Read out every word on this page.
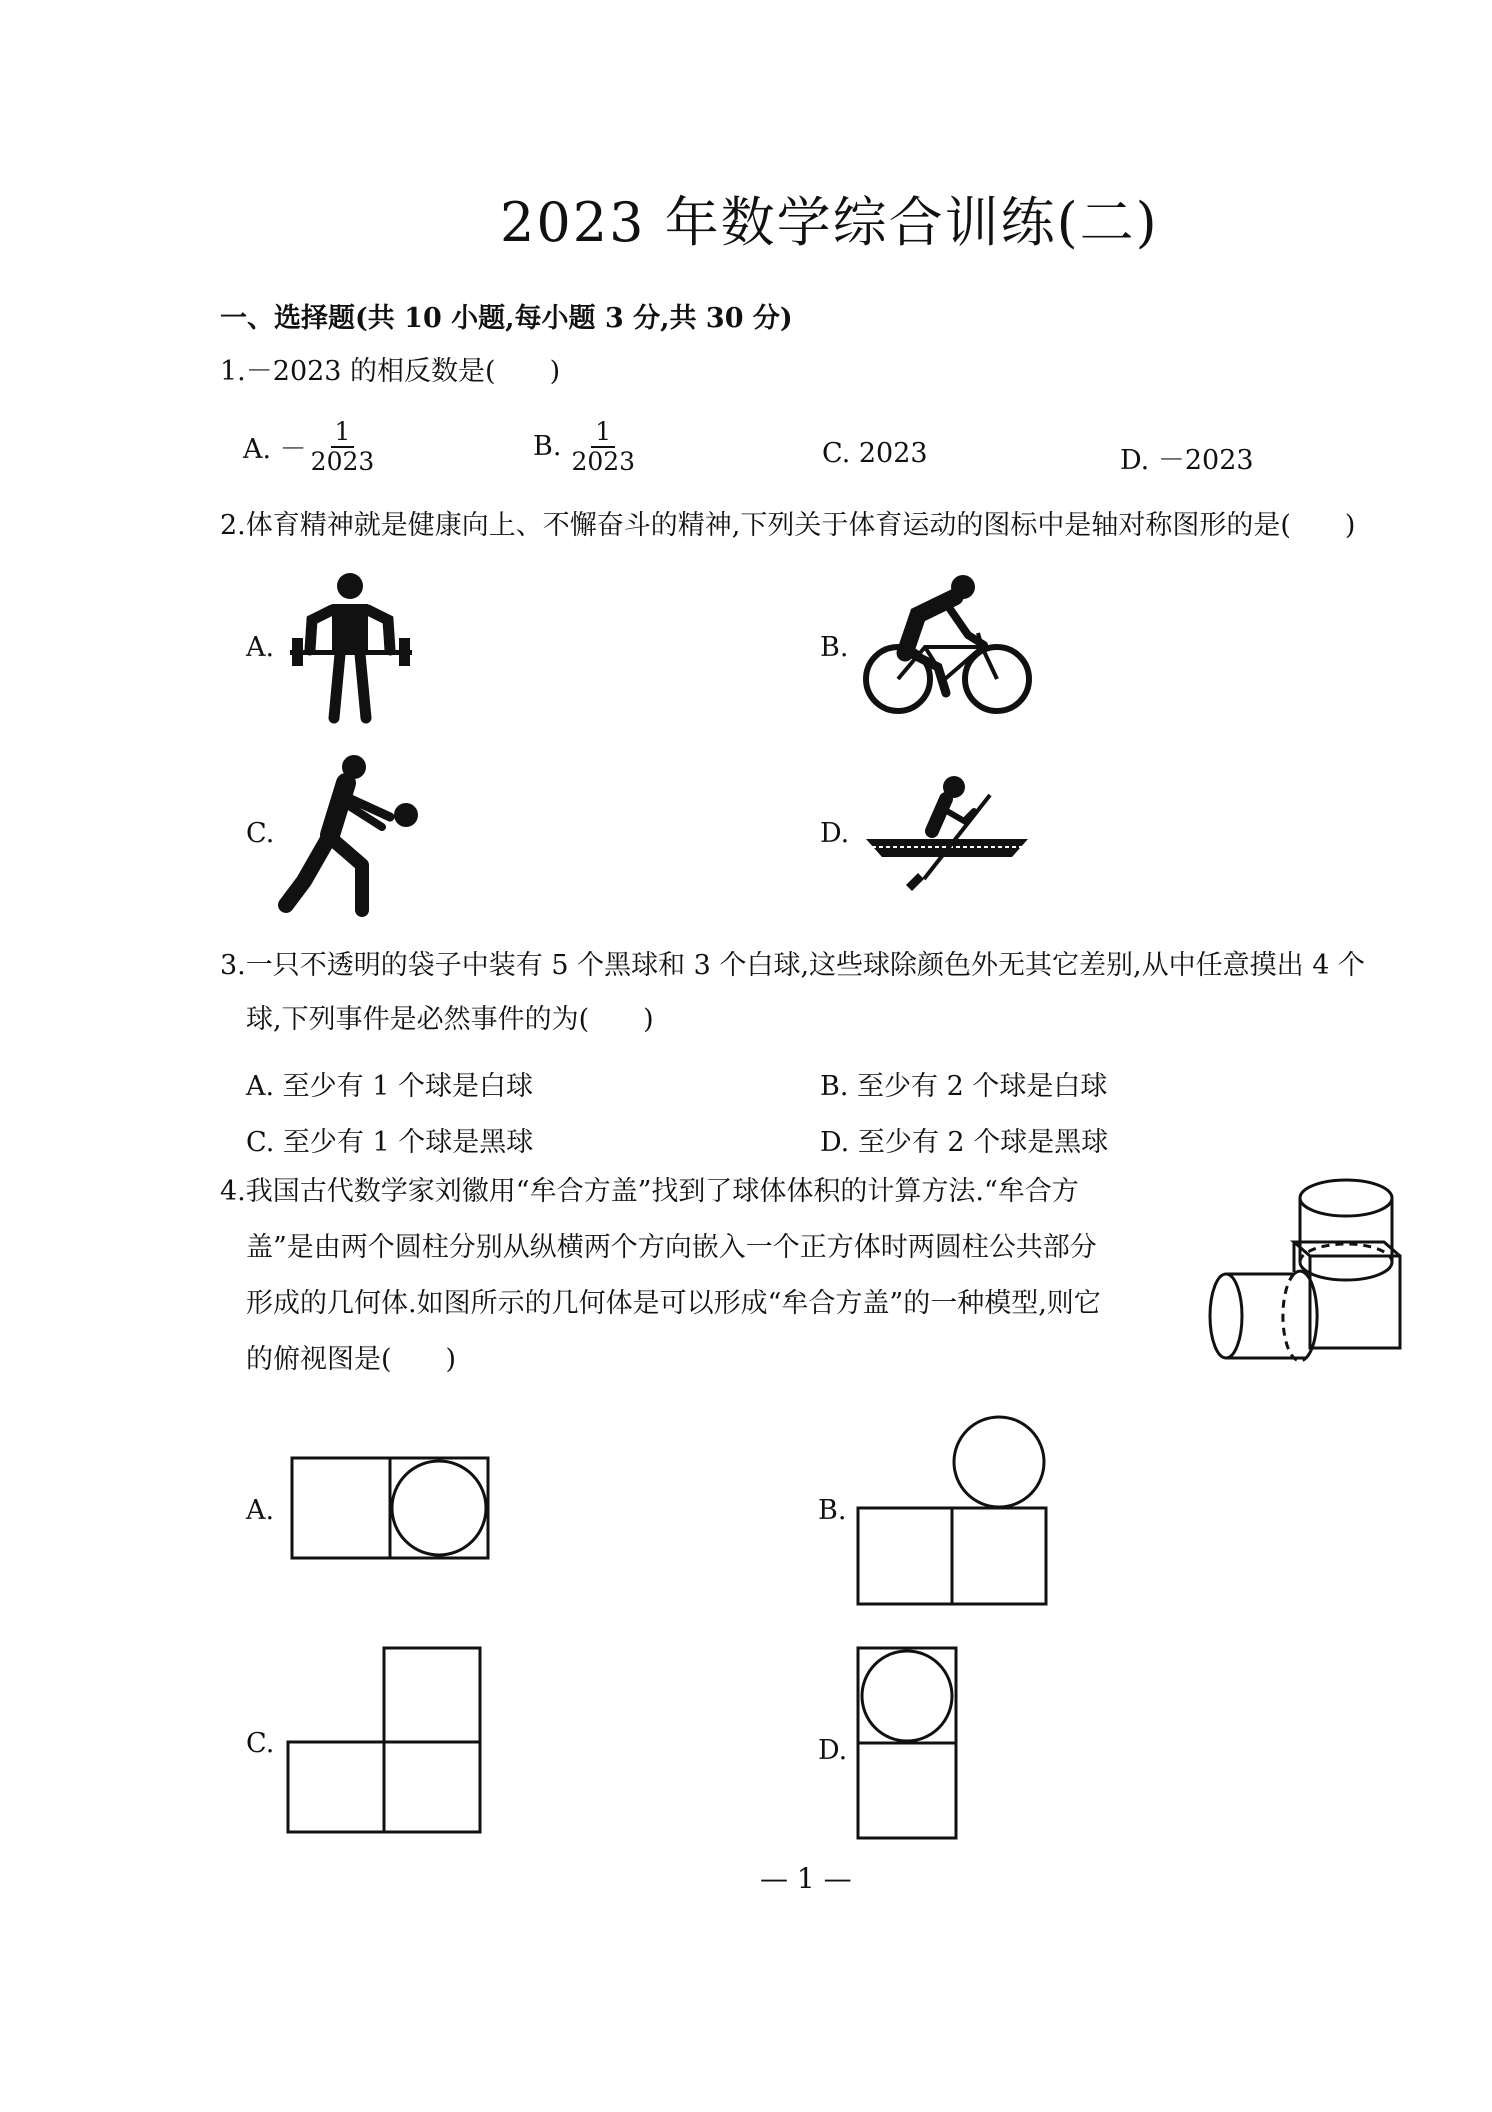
2023 年数学综合训练(二)
一、选择题(共 10 小题,每小题 3 分,共 30 分)
1.－2023 的相反数是(　　)
A. － $\frac{1}{2023}$	B. $\frac{1}{2023}$	C. 2023	D. －2023
2.体育精神就是健康向上、不懈奋斗的精神,下列关于体育运动的图标中是轴对称图形的是(　　)
A.	B.
C.	D.
3.一只不透明的袋子中装有 5 个黑球和 3 个白球,这些球除颜色外无其它差别,从中任意摸出 4 个
球,下列事件是必然事件的为(　　)
A. 至少有 1 个球是白球	B. 至少有 2 个球是白球
C. 至少有 1 个球是黑球	D. 至少有 2 个球是黑球
4.我国古代数学家刘徽用“牟合方盖”找到了球体体积的计算方法.“牟合方
盖”是由两个圆柱分别从纵横两个方向嵌入一个正方体时两圆柱公共部分
形成的几何体.如图所示的几何体是可以形成“牟合方盖”的一种模型,则它
的俯视图是(　　)
A.	B.
C.	D.
— 1 —
